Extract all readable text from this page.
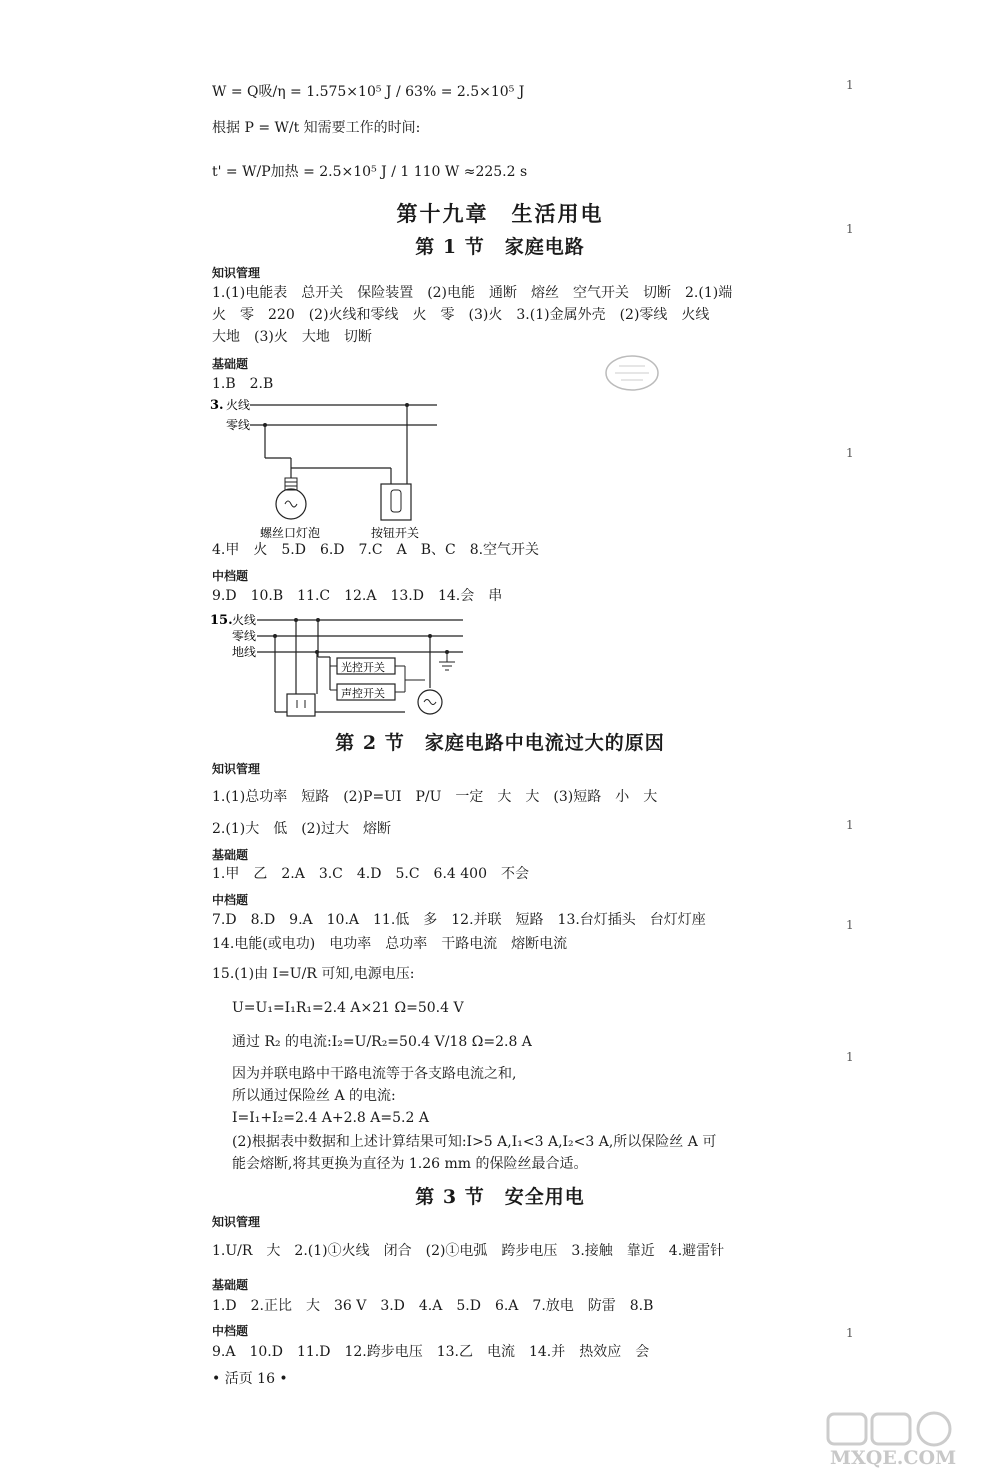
W = Q吸/η = 1.575×10⁵ J / 63% = 2.5×10⁵ J
根据 P = W/t 知需要工作的时间:
t' = W/P加热 = 2.5×10⁵ J / 1 110 W ≈225.2 s
第十九章　生活用电
第 1 节　家庭电路
知识管理
1.(1)电能表　总开关　保险装置　(2)电能　通断　熔丝　空气开关　切断　2.(1)端
火　零　220　(2)火线和零线　火　零　(3)火　3.(1)金属外壳　(2)零线　火线
大地　(3)火　大地　切断
基础题
1.B　2.B
3. 火线
零线
螺丝口灯泡	按钮开关
4.甲　火　5.D　6.D　7.C　A　B、C　8.空气开关
中档题
9.D　10.B　11.C　12.A　13.D　14.会　串
15. 火线
零线
地线
光控开关
声控开关
第 2 节　家庭电路中电流过大的原因
知识管理
1.(1)总功率　短路　(2)P=UI　P/U　一定　大　大　(3)短路　小　大
2.(1)大　低　(2)过大　熔断
基础题
1.甲　乙　2.A　3.C　4.D　5.C　6.4 400　不会
中档题
7.D　8.D　9.A　10.A　11.低　多　12.并联　短路　13.台灯插头　台灯灯座
14.电能(或电功)　电功率　总功率　干路电流　熔断电流
15.(1)由 I=U/R 可知,电源电压:
U=U₁=I₁R₁=2.4 A×21 Ω=50.4 V
通过 R₂ 的电流:I₂=U/R₂=50.4 V/18 Ω=2.8 A
因为并联电路中干路电流等于各支路电流之和,
所以通过保险丝 A 的电流:
I=I₁+I₂=2.4 A+2.8 A=5.2 A
(2)根据表中数据和上述计算结果可知:I>5 A,I₁<3 A,I₂<3 A,所以保险丝 A 可
能会熔断,将其更换为直径为 1.26 mm 的保险丝最合适。
第 3 节　安全用电
知识管理
1.U/R　大　2.(1)①火线　闭合　(2)①电弧　跨步电压　3.接触　靠近　4.避雷针
基础题
1.D　2.正比　大　36 V　3.D　4.A　5.D　6.A　7.放电　防雷　8.B
中档题
9.A　10.D　11.D　12.跨步电压　13.乙　电流　14.并　热效应　会
• 活页 16 •
1
1
1
1
1
1
1
MXQE.COM
